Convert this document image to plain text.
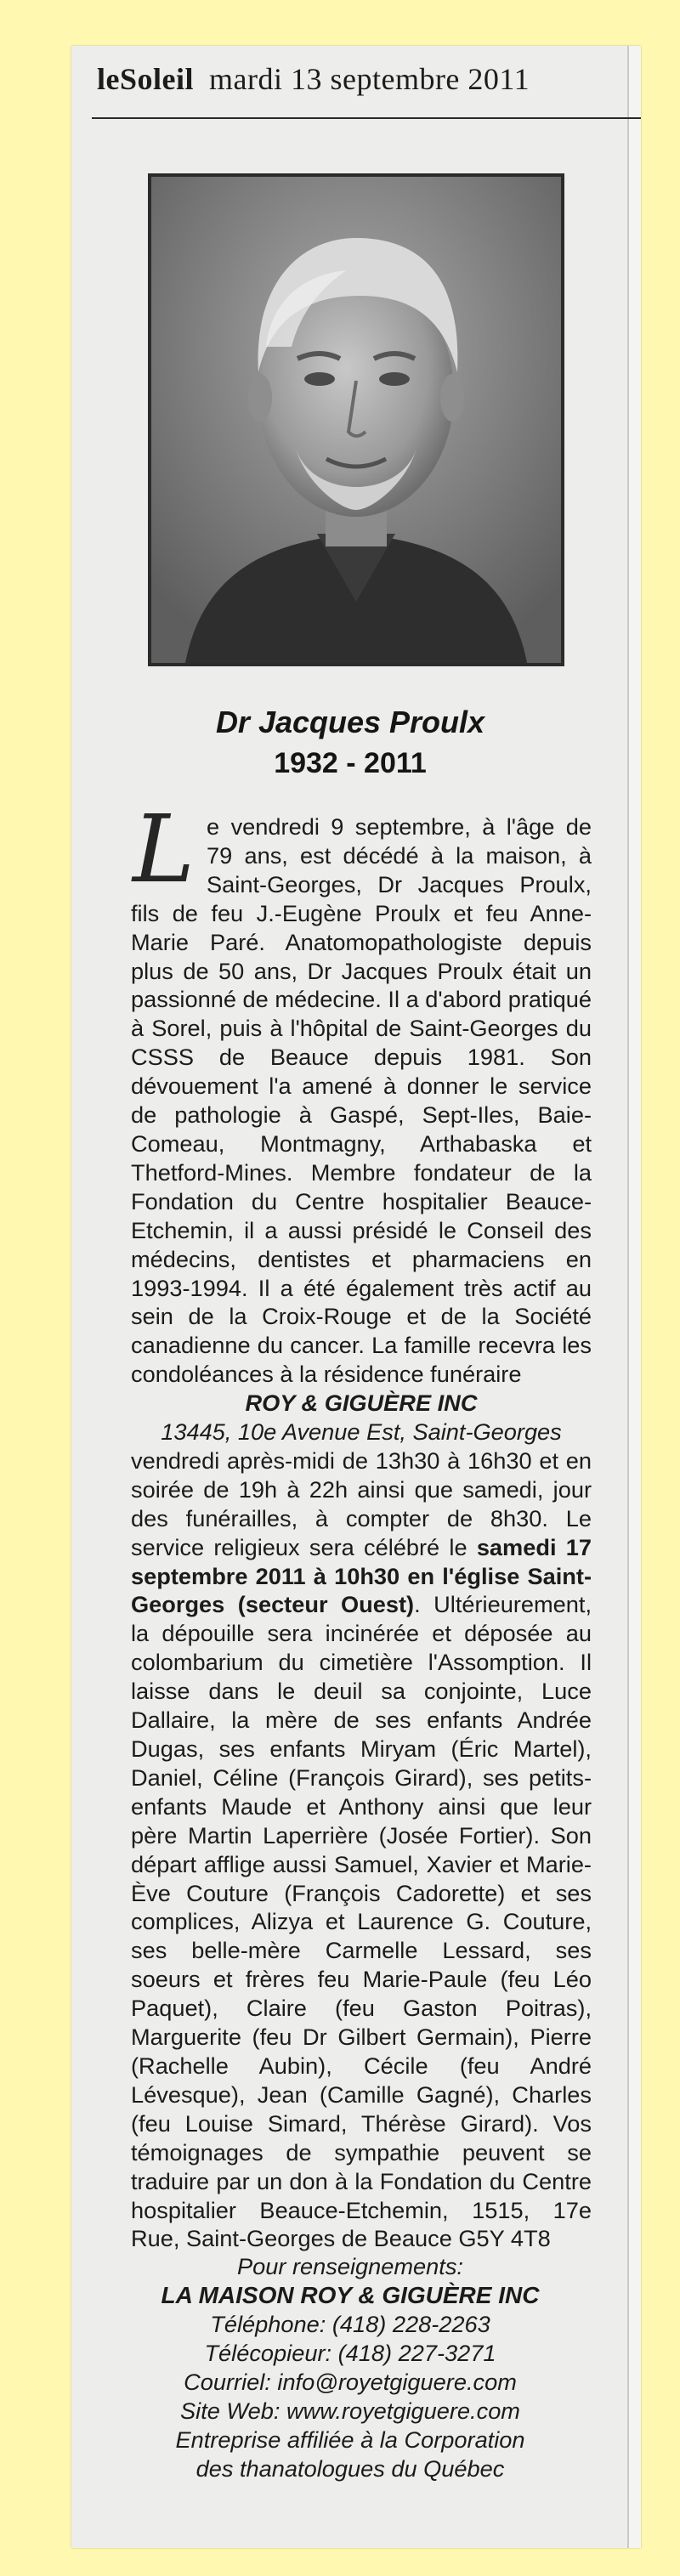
leSoleil mardi 13 septembre 2011
Dr Jacques Proulx
1932 - 2011
Le vendredi 9 septembre, à l'âge de 79 ans, est décédé à la maison, à Saint-Georges, Dr Jacques Proulx, fils de feu J.-Eugène Proulx et feu Anne-Marie Paré. Anatomopathologiste depuis plus de 50 ans, Dr Jacques Proulx était un passionné de médecine. Il a d'abord pratiqué à Sorel, puis à l'hôpital de Saint-Georges du CSSS de Beauce depuis 1981. Son dévouement l'a amené à donner le service de pathologie à Gaspé, Sept-Iles, Baie-Comeau, Montmagny, Arthabaska et Thetford-Mines. Membre fondateur de la Fondation du Centre hospitalier Beauce-Etchemin, il a aussi présidé le Conseil des médecins, dentistes et pharmaciens en 1993-1994. Il a été également très actif au sein de la Croix-Rouge et de la Société canadienne du cancer. La famille recevra les condoléances à la résidence funéraire
ROY & GIGUÈRE INC
13445, 10e Avenue Est, Saint-Georges
vendredi après-midi de 13h30 à 16h30 et en soirée de 19h à 22h ainsi que samedi, jour des funérailles, à compter de 8h30. Le service religieux sera célébré le samedi 17 septembre 2011 à 10h30 en l'église Saint-Georges (secteur Ouest). Ultérieurement, la dépouille sera incinérée et déposée au colombarium du cimetière l'Assomption. Il laisse dans le deuil sa conjointe, Luce Dallaire, la mère de ses enfants Andrée Dugas, ses enfants Miryam (Éric Martel), Daniel, Céline (François Girard), ses petits-enfants Maude et Anthony ainsi que leur père Martin Laperrière (Josée Fortier). Son départ afflige aussi Samuel, Xavier et Marie-Ève Couture (François Cadorette) et ses complices, Alizya et Laurence G. Couture, ses belle-mère Carmelle Lessard, ses soeurs et frères feu Marie-Paule (feu Léo Paquet), Claire (feu Gaston Poitras), Marguerite (feu Dr Gilbert Germain), Pierre (Rachelle Aubin), Cécile (feu André Lévesque), Jean (Camille Gagné), Charles (feu Louise Simard, Thérèse Girard). Vos témoignages de sympathie peuvent se traduire par un don à la Fondation du Centre hospitalier Beauce-Etchemin, 1515, 17e Rue, Saint-Georges de Beauce G5Y 4T8
Pour renseignements:
LA MAISON ROY & GIGUÈRE INC
Téléphone: (418) 228-2263
Télécopieur: (418) 227-3271
Courriel: info@royetgiguere.com
Site Web: www.royetgiguere.com
Entreprise affiliée à la Corporation
des thanatologues du Québec
